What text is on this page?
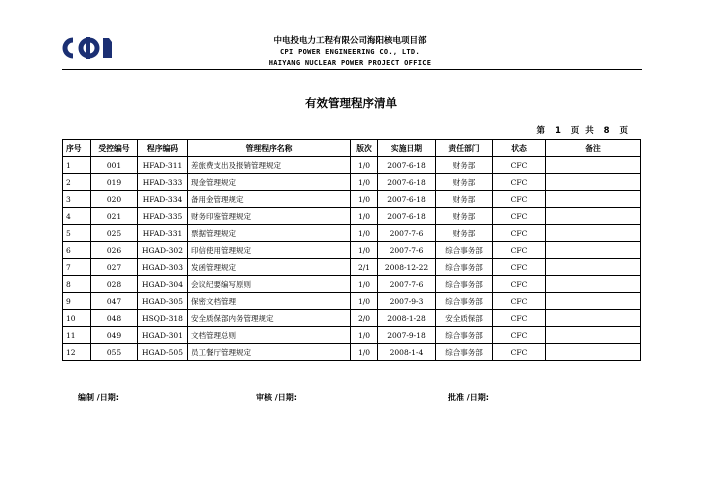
中电投电力工程有限公司海阳核电项目部
CPI POWER ENGINEERING CO., LTD.
HAIYANG NUCLEAR POWER PROJECT OFFICE
有效管理程序清单
第 1 页  共 8 页
序号	受控编号	程序编码	管理程序名称	版次	实施日期	责任部门	状态	备注
1	001	HFAD-311	差旅费支出及报销管理规定	1/0	2007-6-18	财务部	CFC	
2	019	HFAD-333	现金管理规定	1/0	2007-6-18	财务部	CFC	
3	020	HFAD-334	备用金管理规定	1/0	2007-6-18	财务部	CFC	
4	021	HFAD-335	财务印鉴管理规定	1/0	2007-6-18	财务部	CFC	
5	025	HFAD-331	票据管理规定	1/0	2007-7-6	财务部	CFC	
6	026	HGAD-302	印信使用管理规定	1/0	2007-7-6	综合事务部	CFC	
7	027	HGAD-303	发函管理规定	2/1	2008-12-22	综合事务部	CFC	
8	028	HGAD-304	会议纪要编写原则	1/0	2007-7-6	综合事务部	CFC	
9	047	HGAD-305	保密文档管理	1/0	2007-9-3	综合事务部	CFC	
10	048	HSQD-318	安全质保部内务管理规定	2/0	2008-1-28	安全质保部	CFC	
11	049	HGAD-301	文档管理总则	1/0	2007-9-18	综合事务部	CFC	
12	055	HGAD-505	员工餐厅管理规定	1/0	2008-1-4	综合事务部	CFC	
编制 /日期:	审核 /日期:	批准 /日期:
